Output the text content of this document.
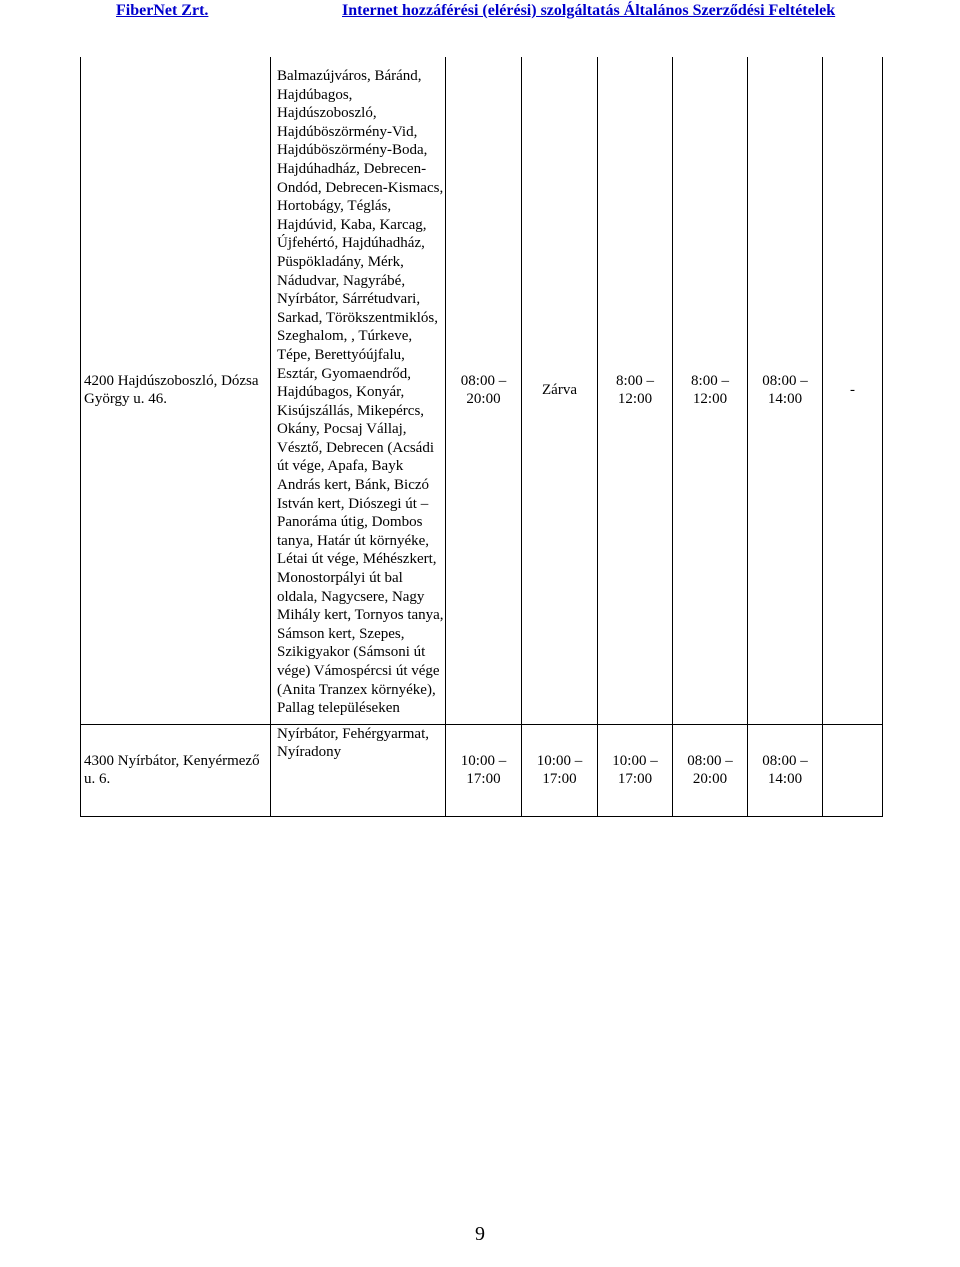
FiberNet Zrt.	Internet hozzáférési (elérési) szolgáltatás Általános Szerződési Feltételek
4200 Hajdúszoboszló, Dózsa György u. 46.	Balmazújváros, Báránd, Hajdúbagos, Hajdúszoboszló, Hajdúböszörmény-Vid, Hajdúböszörmény-Boda, Hajdúhadház, Debrecen-Ondód, Debrecen-Kismacs, Hortobágy, Téglás, Hajdúvid, Kaba, Karcag, Újfehértó, Hajdúhadház, Püspökladány, Mérk, Nádudvar, Nagyrábé, Nyírbátor, Sárrétudvari, Sarkad, Törökszentmiklós, Szeghalom, , Túrkeve, Tépe, Berettyóújfalu, Esztár, Gyomaendrőd, Hajdúbagos, Konyár, Kisújszállás, Mikepércs, Okány, Pocsaj Vállaj, Vésztő, Debrecen (Acsádi út vége, Apafa, Bayk András kert, Bánk, Biczó István kert, Diószegi út – Panoráma útig, Dombos tanya, Határ út környéke, Létai út vége, Méhészkert, Monostorpályi út bal oldala, Nagycsere, Nagy Mihály kert, Tornyos tanya, Sámson kert, Szepes, Szikigyakor (Sámsoni út vége) Vámospércsi út vége (Anita Tranzex környéke), Pallag településeken	08:00 – 20:00	Zárva	8:00 – 12:00	8:00 – 12:00	08:00 – 14:00	-
4300 Nyírbátor, Kenyérmező u. 6.	Nyírbátor, Fehérgyarmat, Nyíradony	10:00 – 17:00	10:00 – 17:00	10:00 – 17:00	08:00 – 20:00	08:00 – 14:00	
9
